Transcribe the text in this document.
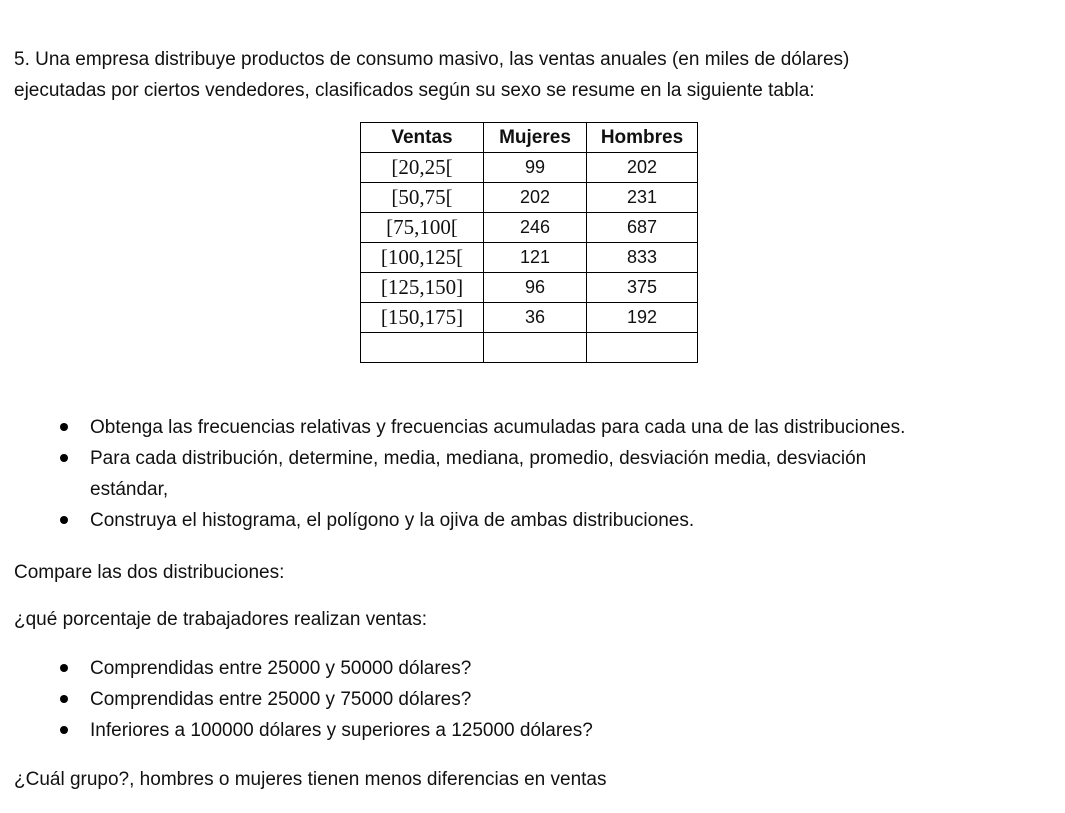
5. Una empresa distribuye productos de consumo masivo, las ventas anuales (en miles de dólares)
ejecutadas por ciertos vendedores, clasificados según su sexo se resume en la siguiente tabla:
Ventas	Mujeres	Hombres
[20,25[	99	202
[50,75[	202	231
[75,100[	246	687
[100,125[	121	833
[125,150]	96	375
[150,175]	36	192

Obtenga las frecuencias relativas y frecuencias acumuladas para cada una de las distribuciones.
Para cada distribución, determine, media, mediana, promedio, desviación media, desviación
estándar,
Construya el histograma, el polígono y la ojiva de ambas distribuciones.
Compare las dos distribuciones:
¿qué porcentaje de trabajadores realizan ventas:
Comprendidas entre 25000 y 50000 dólares?
Comprendidas entre 25000 y 75000 dólares?
Inferiores a 100000 dólares y superiores a 125000 dólares?
¿Cuál grupo?, hombres o mujeres tienen menos diferencias en ventas
